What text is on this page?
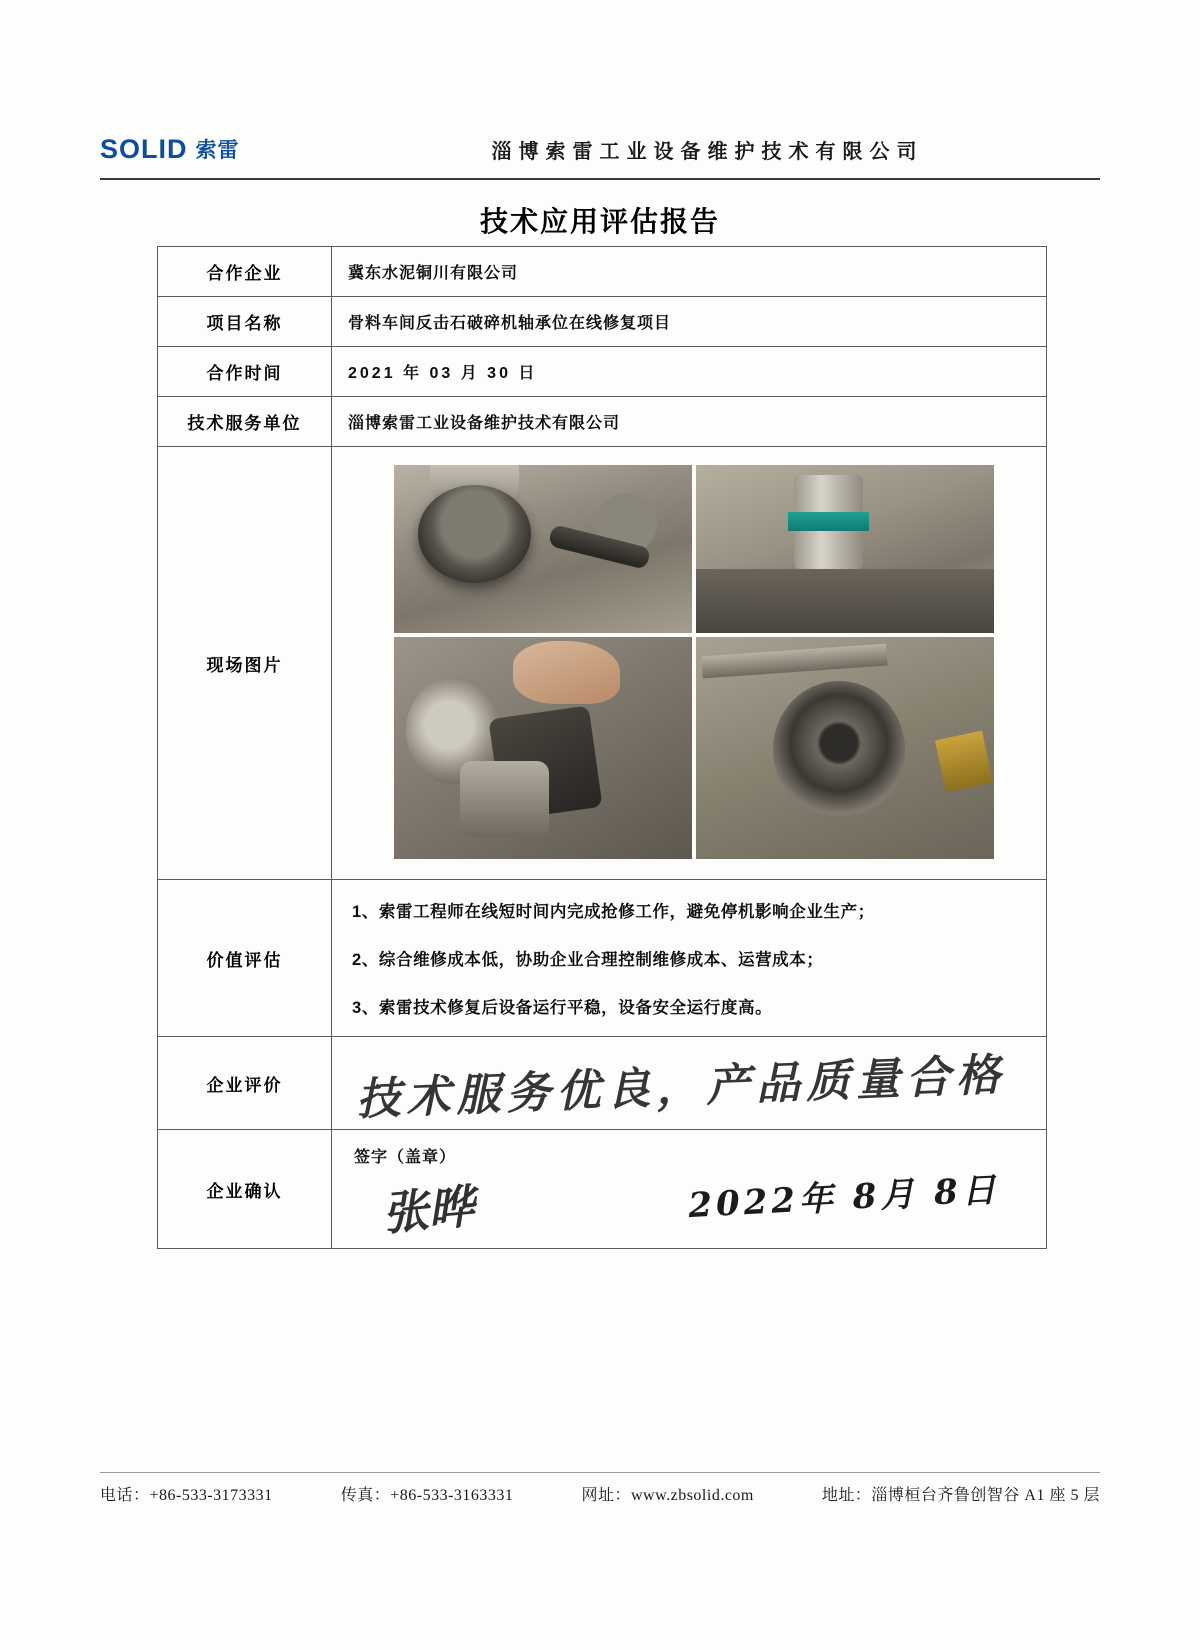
SOLID 索雷	淄博索雷工业设备维护技术有限公司
技术应用评估报告
合作企业	冀东水泥铜川有限公司
项目名称	骨料车间反击石破碎机轴承位在线修复项目
合作时间	2021 年 03 月 30 日
技术服务单位	淄博索雷工业设备维护技术有限公司
现场图片	

价值评估	1、索雷工程师在线短时间内完成抢修工作，避免停机影响企业生产；

2、综合维修成本低，协助企业合理控制维修成本、运营成本；

3、索雷技术修复后设备运行平稳，设备安全运行度高。

企业评价	技术服务优良，产品质量合格

企业确认	签字（盖章）
张晔 2022年 8月 8日
电话：+86-533-3173331	传真：+86-533-3163331	网址：www.zbsolid.com	地址：淄博桓台齐鲁创智谷 A1 座 5 层
